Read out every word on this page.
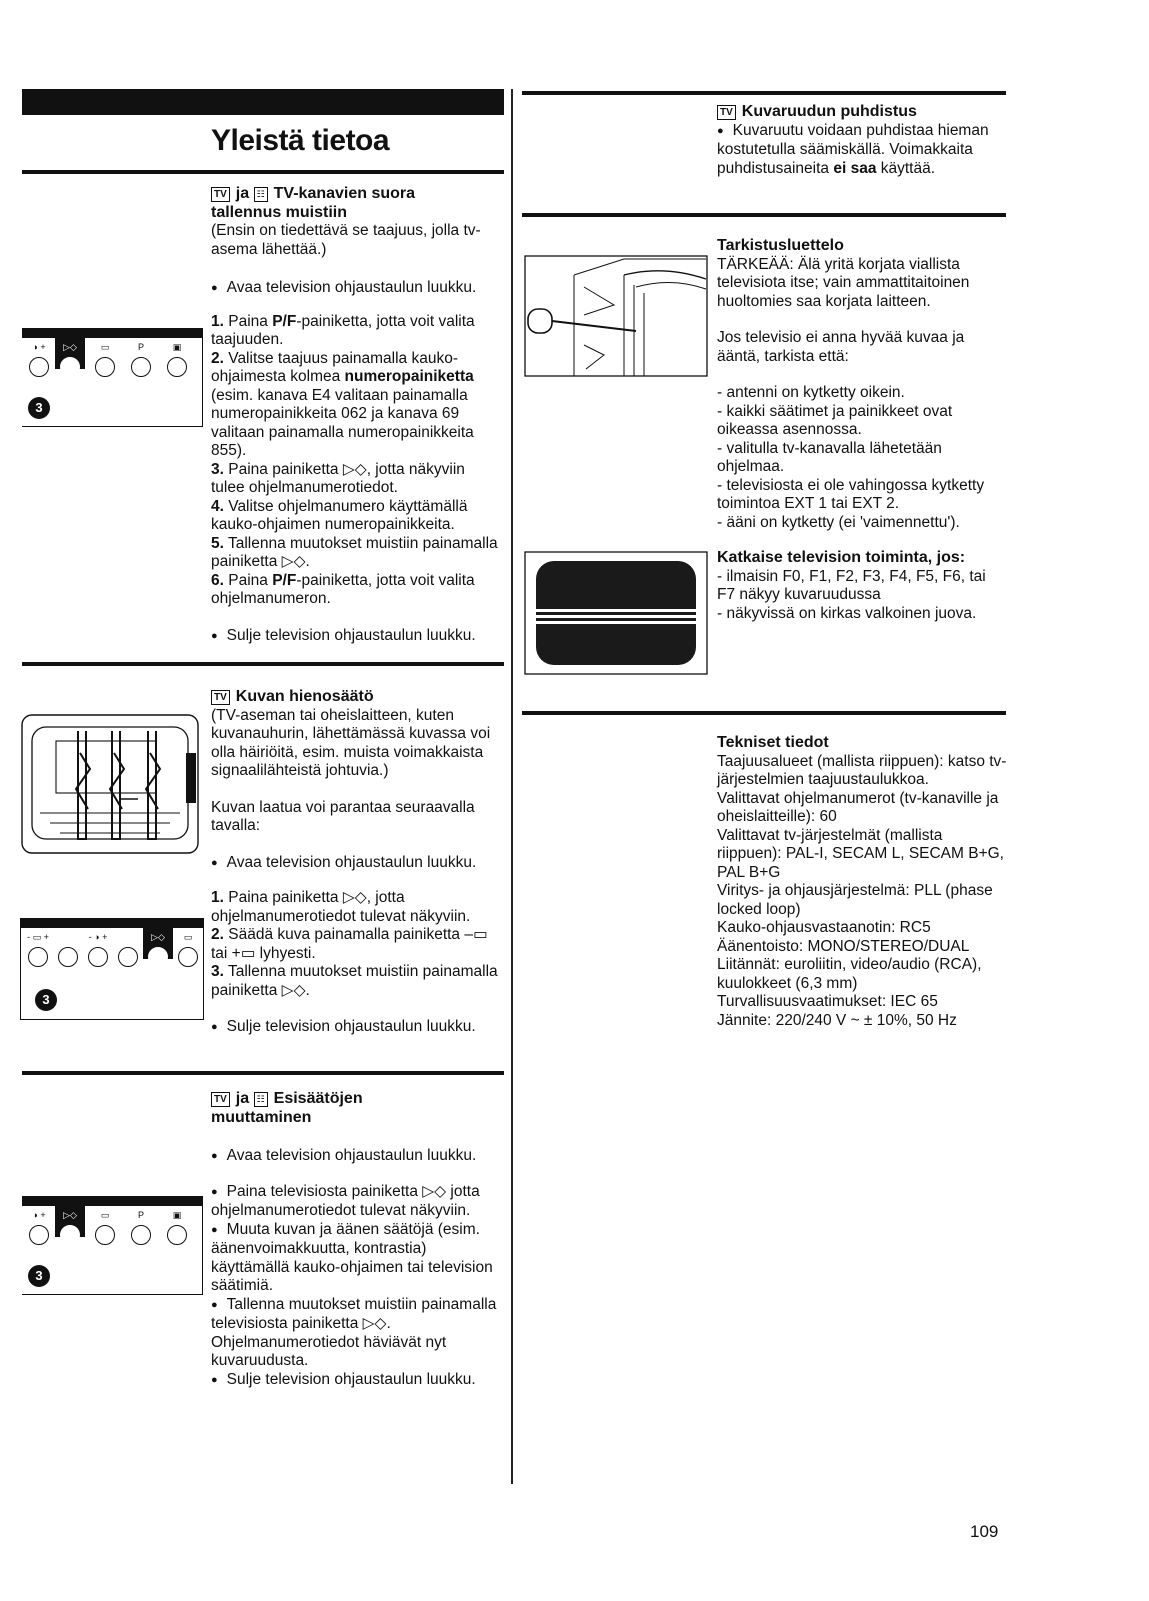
Yleistä tietoa

TV ja ☷ TV-kanavien suora
tallennus muistiin

(Ensin on tiedettävä se taajuus, jolla tv-asema lähettää.)

● Avaa television ohjaustaulun luukku.

1. Paina P/F-painiketta, jotta voit valita taajuuden.

2. Valitse taajuus painamalla kauko-ohjaimesta kolmea numeropainiketta (esim. kanava E4 valitaan painamalla numeropainikkeita 062 ja kanava 69 valitaan painamalla numeropainikkeita 855).

3. Paina painiketta ▷◇, jotta näkyviin tulee ohjelmanumerotiedot.

4. Valitse ohjelmanumero käyttämällä kauko-ohjaimen numeropainikkeita.

5. Tallenna muutokset muistiin painamalla painiketta ▷◇.

6. Paina P/F-painiketta, jotta voit valita ohjelmanumeron.

● Sulje television ohjaustaulun luukku.

◑ +	▷◇	▭	P	▣

3

TV Kuvan hienosäätö

(TV-aseman tai oheislaitteen, kuten kuvanauhurin, lähettämässä kuvassa voi olla häiriöitä, esim. muista voimakkaista signaalilähteistä johtuvia.)

Kuvan laatua voi parantaa seuraavalla tavalla:

● Avaa television ohjaustaulun luukku.

1. Paina painiketta ▷◇, jotta ohjelmanumerotiedot tulevat näkyviin.

2. Säädä kuva painamalla painiketta –▭ tai +▭ lyhyesti.

3. Tallenna muutokset muistiin painamalla painiketta ▷◇.

● Sulje television ohjaustaulun luukku.

- ▭ +

	- ◑ +

	▷◇	▭

3

TV ja ☷ Esisäätöjen
muuttaminen

● Avaa television ohjaustaulun luukku.

● Paina televisiosta painiketta ▷◇ jotta ohjelmanumerotiedot tulevat näkyviin.

● Muuta kuvan ja äänen säätöjä (esim. äänenvoimakkuutta, kontrastia) käyttämällä kauko-ohjaimen tai television säätimiä.

● Tallenna muutokset muistiin painamalla televisiosta painiketta ▷◇. Ohjelmanumerotiedot häviävät nyt kuvaruudusta.

● Sulje television ohjaustaulun luukku.

◑ +	▷◇	▭	P	▣

3

TV Kuvaruudun puhdistus

● Kuvaruutu voidaan puhdistaa hieman kostutetulla säämiskällä. Voimakkaita puhdistusaineita ei saa käyttää.

Tarkistusluettelo

TÄRKEÄÄ: Älä yritä korjata viallista televisiota itse; vain ammattitaitoinen huoltomies saa korjata laitteen.

Jos televisio ei anna hyvää kuvaa ja ääntä, tarkista että:

- antenni on kytketty oikein.

- kaikki säätimet ja painikkeet ovat oikeassa asennossa.

- valitulla tv-kanavalla lähetetään ohjelmaa.

- televisiosta ei ole vahingossa kytketty toimintoa EXT 1 tai EXT 2.

- ääni on kytketty (ei 'vaimennettu').

Katkaise television toiminta, jos:

- ilmaisin F0, F1, F2, F3, F4, F5, F6, tai F7 näkyy kuvaruudussa

- näkyvissä on kirkas valkoinen juova.

Tekniset tiedot

Taajuusalueet (mallista riippuen): katso tv-järjestelmien taajuustaulukkoa.

Valittavat ohjelmanumerot (tv-kanaville ja oheislaitteille): 60

Valittavat tv-järjestelmät (mallista riippuen): PAL-I, SECAM L, SECAM B+G, PAL B+G

Viritys- ja ohjausjärjestelmä: PLL (phase locked loop)

Kauko-ohjausvastaanotin: RC5

Äänentoisto: MONO/STEREO/DUAL

Liitännät: euroliitin, video/audio (RCA), kuulokkeet (6,3 mm)

Turvallisuusvaatimukset: IEC 65

Jännite: 220/240 V ~ ± 10%, 50 Hz

109
